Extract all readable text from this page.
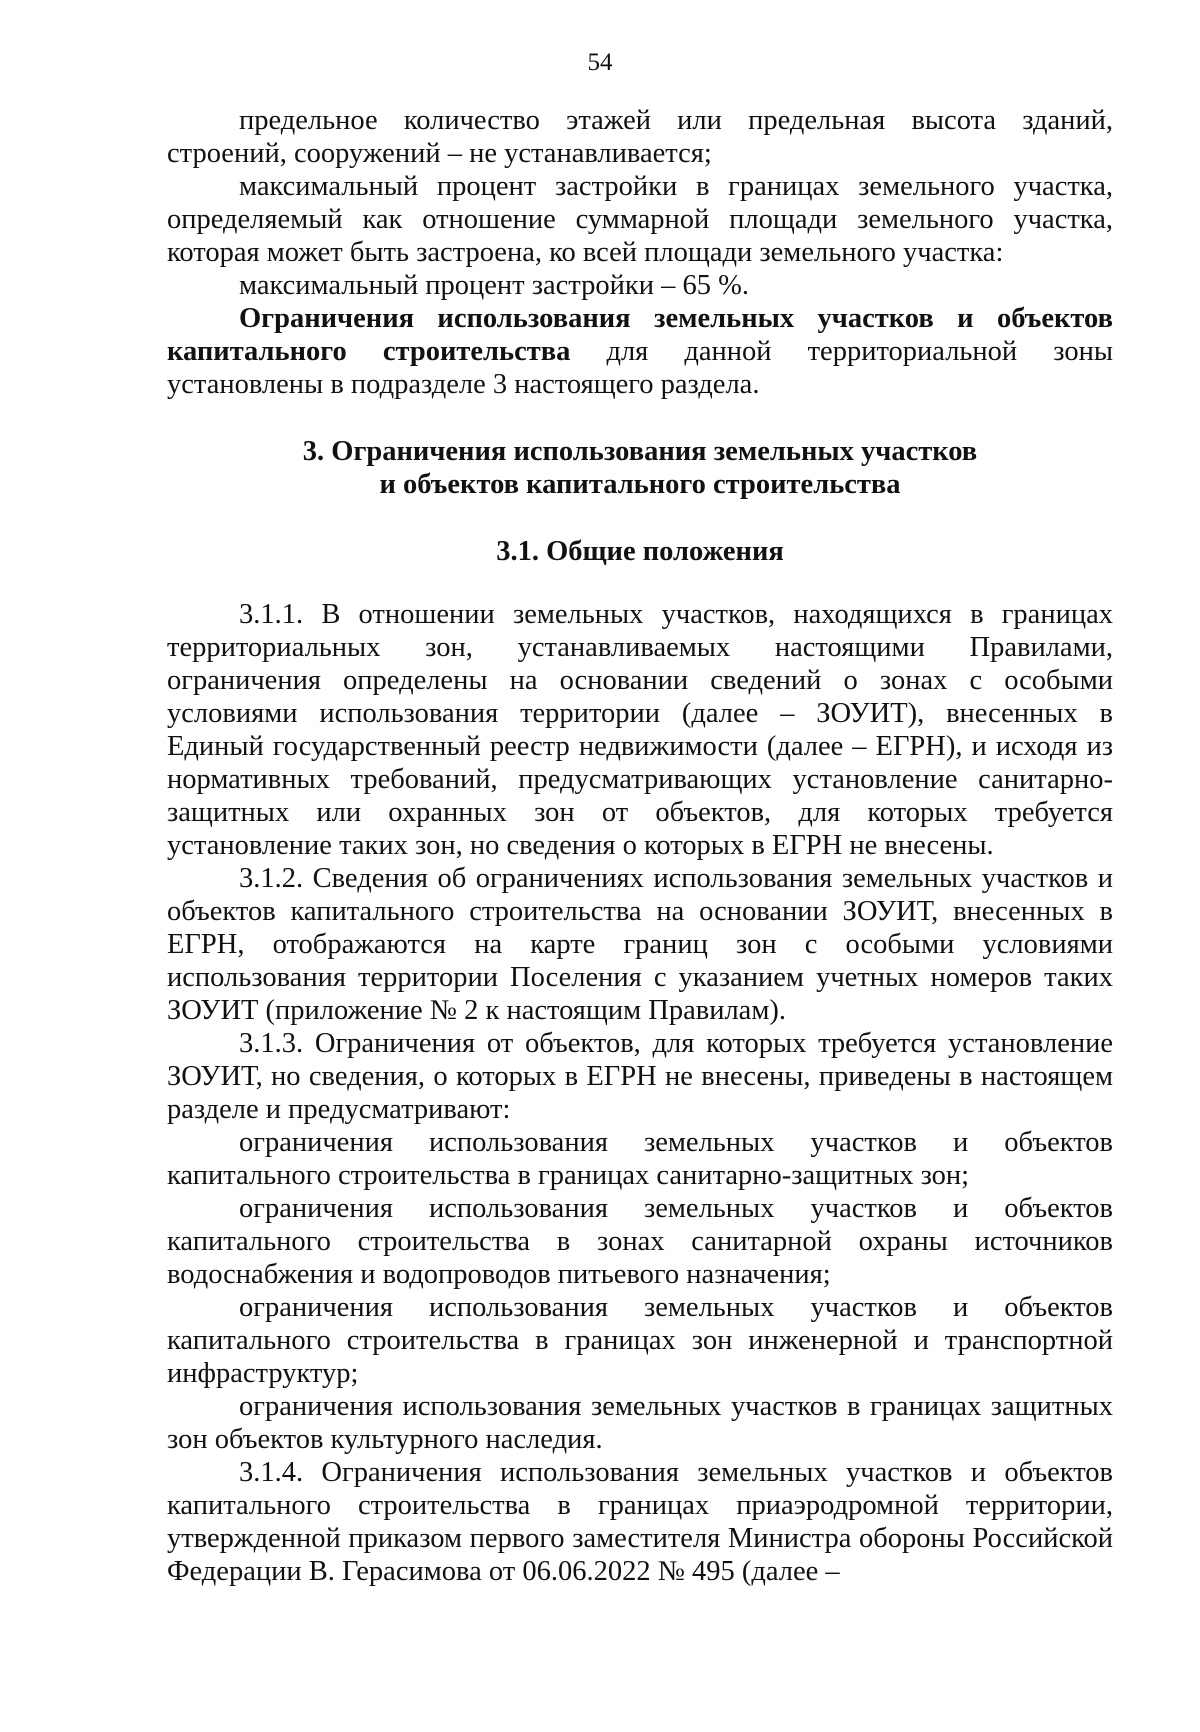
54

предельное количество этажей или предельная высота зданий, строений, сооружений – не устанавливается;

максимальный процент застройки в границах земельного участка, определяемый как отношение суммарной площади земельного участка, которая может быть застроена, ко всей площади земельного участка:

максимальный процент застройки – 65 %.

Ограничения использования земельных участков и объектов капитального строительства для данной территориальной зоны установлены в подразделе 3 настоящего раздела.

3. Ограничения использования земельных участков
и объектов капитального строительства

3.1. Общие положения

3.1.1. В отношении земельных участков, находящихся в границах территориальных зон, устанавливаемых настоящими Правилами, ограничения определены на основании сведений о зонах с особыми условиями использования территории (далее – ЗОУИТ), внесенных в Единый государственный реестр недвижимости (далее – ЕГРН), и исходя из нормативных требований, предусматривающих установление санитарно-защитных или охранных зон от объектов, для которых требуется установление таких зон, но сведения о которых в ЕГРН не внесены.

3.1.2. Сведения об ограничениях использования земельных участков и объектов капитального строительства на основании ЗОУИТ, внесенных в ЕГРН, отображаются на карте границ зон с особыми условиями использования территории Поселения с указанием учетных номеров таких ЗОУИТ (приложение № 2 к настоящим Правилам).

3.1.3. Ограничения от объектов, для которых требуется установление ЗОУИТ, но сведения, о которых в ЕГРН не внесены, приведены в настоящем разделе и предусматривают:

ограничения использования земельных участков и объектов капитального строительства в границах санитарно-защитных зон;

ограничения использования земельных участков и объектов капитального строительства в зонах санитарной охраны источников водоснабжения и водопроводов питьевого назначения;

ограничения использования земельных участков и объектов капитального строительства в границах зон инженерной и транспортной инфраструктур;

ограничения использования земельных участков в границах защитных зон объектов культурного наследия.

3.1.4. Ограничения использования земельных участков и объектов капитального строительства в границах приаэродромной территории, утвержденной приказом первого заместителя Министра обороны Российской Федерации В. Герасимова от 06.06.2022 № 495 (далее –
